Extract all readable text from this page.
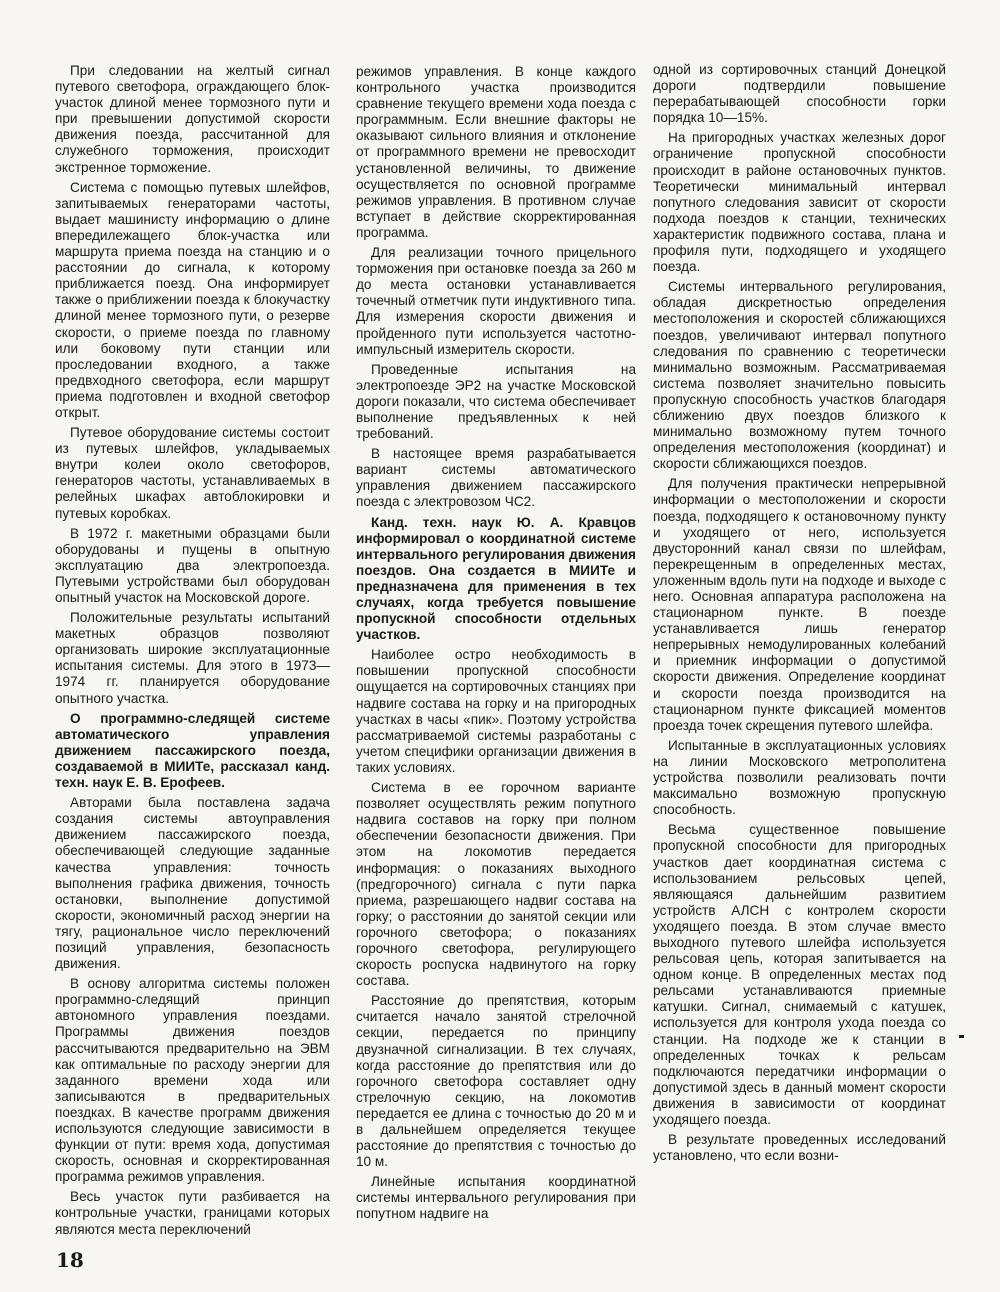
При следовании на желтый сигнал путевого светофора, ограждающего блок-участок длиной менее тормозного пути и при превышении допустимой скорости движения поезда, рассчитанной для служебного торможения, происходит экстренное торможение.

Система с помощью путевых шлейфов, запитываемых генераторами частоты, выдает машинисту информацию о длине впередилежащего блок-участка или маршрута приема поезда на станцию и о расстоянии до сигнала, к которому приближается поезд. Она информирует также о приближении поезда к блокучастку длиной менее тормозного пути, о резерве скорости, о приеме поезда по главному или боковому пути станции или проследовании входного, а также предвходного светофора, если маршрут приема подготовлен и входной светофор открыт.

Путевое оборудование системы состоит из путевых шлейфов, укладываемых внутри колеи около светофоров, генераторов частоты, устанавливаемых в релейных шкафах автоблокировки и путевых коробках.

В 1972 г. макетными образцами были оборудованы и пущены в опытную эксплуатацию два электропоезда. Путевыми устройствами был оборудован опытный участок на Московской дороге.

Положительные результаты испытаний макетных образцов позволяют организовать широкие эксплуатационные испытания системы. Для этого в 1973—1974 гг. планируется оборудование опытного участка.

О программно-следящей системе автоматического управления движением пассажирского поезда, создаваемой в МИИТе, рассказал канд. техн. наук Е. В. Ерофеев.

Авторами была поставлена задача создания системы автоуправления движением пассажирского поезда, обеспечивающей следующие заданные качества управления: точность выполнения графика движения, точность остановки, выполнение допустимой скорости, экономичный расход энергии на тягу, рациональное число переключений позиций управления, безопасность движения.

В основу алгоритма системы положен программно-следящий принцип автономного управления поездами. Программы движения поездов рассчитываются предварительно на ЭВМ как оптимальные по расходу энергии для заданного времени хода или записываются в предварительных поездках. В качестве программ движения используются следующие зависимости в функции от пути: время хода, допустимая скорость, основная и скорректированная программа режимов управления.

Весь участок пути разбивается на контрольные участки, границами которых являются места переключений

режимов управления. В конце каждого контрольного участка производится сравнение текущего времени хода поезда с программным. Если внешние факторы не оказывают сильного влияния и отклонение от программного времени не превосходит установленной величины, то движение осуществляется по основной программе режимов управления. В противном случае вступает в действие скорректированная программа.

Для реализации точного прицельного торможения при остановке поезда за 260 м до места остановки устанавливается точечный отметчик пути индуктивного типа. Для измерения скорости движения и пройденного пути используется частотно-импульсный измеритель скорости.

Проведенные испытания на электропоезде ЭР2 на участке Московской дороги показали, что система обеспечивает выполнение предъявленных к ней требований.

В настоящее время разрабатывается вариант системы автоматического управления движением пассажирского поезда с электровозом ЧС2.

Канд. техн. наук Ю. А. Кравцов информировал о координатной системе интервального регулирования движения поездов. Она создается в МИИТе и предназначена для применения в тех случаях, когда требуется повышение пропускной способности отдельных участков.

Наиболее остро необходимость в повышении пропускной способности ощущается на сортировочных станциях при надвиге состава на горку и на пригородных участках в часы «пик». Поэтому устройства рассматриваемой системы разработаны с учетом специфики организации движения в таких условиях.

Система в ее горочном варианте позволяет осуществлять режим попутного надвига составов на горку при полном обеспечении безопасности движения. При этом на локомотив передается информация: о показаниях выходного (предгорочного) сигнала с пути парка приема, разрешающего надвиг состава на горку; о расстоянии до занятой секции или горочного светофора; о показаниях горочного светофора, регулирующего скорость роспуска надвинутого на горку состава.

Расстояние до препятствия, которым считается начало занятой стрелочной секции, передается по принципу двузначной сигнализации. В тех случаях, когда расстояние до препятствия или до горочного светофора составляет одну стрелочную секцию, на локомотив передается ее длина с точностью до 20 м и в дальнейшем определяется текущее расстояние до препятствия с точностью до 10 м.

Линейные испытания координатной системы интервального регулирования при попутном надвиге на

одной из сортировочных станций Донецкой дороги подтвердили повышение перерабатывающей способности горки порядка 10—15%.

На пригородных участках железных дорог ограничение пропускной способности происходит в районе остановочных пунктов. Теоретически минимальный интервал попутного следования зависит от скорости подхода поездов к станции, технических характеристик подвижного состава, плана и профиля пути, подходящего и уходящего поезда.

Системы интервального регулирования, обладая дискретностью определения местоположения и скоростей сближающихся поездов, увеличивают интервал попутного следования по сравнению с теоретически минимально возможным. Рассматриваемая система позволяет значительно повысить пропускную способность участков благодаря сближению двух поездов близкого к минимально возможному путем точного определения местоположения (координат) и скорости сближающихся поездов.

Для получения практически непрерывной информации о местоположении и скорости поезда, подходящего к остановочному пункту и уходящего от него, используется двусторонний канал связи по шлейфам, перекрещенным в определенных местах, уложенным вдоль пути на подходе и выходе с него. Основная аппаратура расположена на стационарном пункте. В поезде устанавливается лишь генератор непрерывных немодулированных колебаний и приемник информации о допустимой скорости движения. Определение координат и скорости поезда производится на стационарном пункте фиксацией моментов проезда точек скрещения путевого шлейфа.

Испытанные в эксплуатационных условиях на линии Московского метрополитена устройства позволили реализовать почти максимально возможную пропускную способность.

Весьма существенное повышение пропускной способности для пригородных участков дает координатная система с использованием рельсовых цепей, являющаяся дальнейшим развитием устройств АЛСН с контролем скорости уходящего поезда. В этом случае вместо выходного путевого шлейфа используется рельсовая цепь, которая запитывается на одном конце. В определенных местах под рельсами устанавливаются приемные катушки. Сигнал, снимаемый с катушек, используется для контроля ухода поезда со станции. На подходе же к станции в определенных точках к рельсам подключаются передатчики информации о допустимой здесь в данный момент скорости движения в зависимости от координат уходящего поезда.

В результате проведенных исследований установлено, что если возни-

18
